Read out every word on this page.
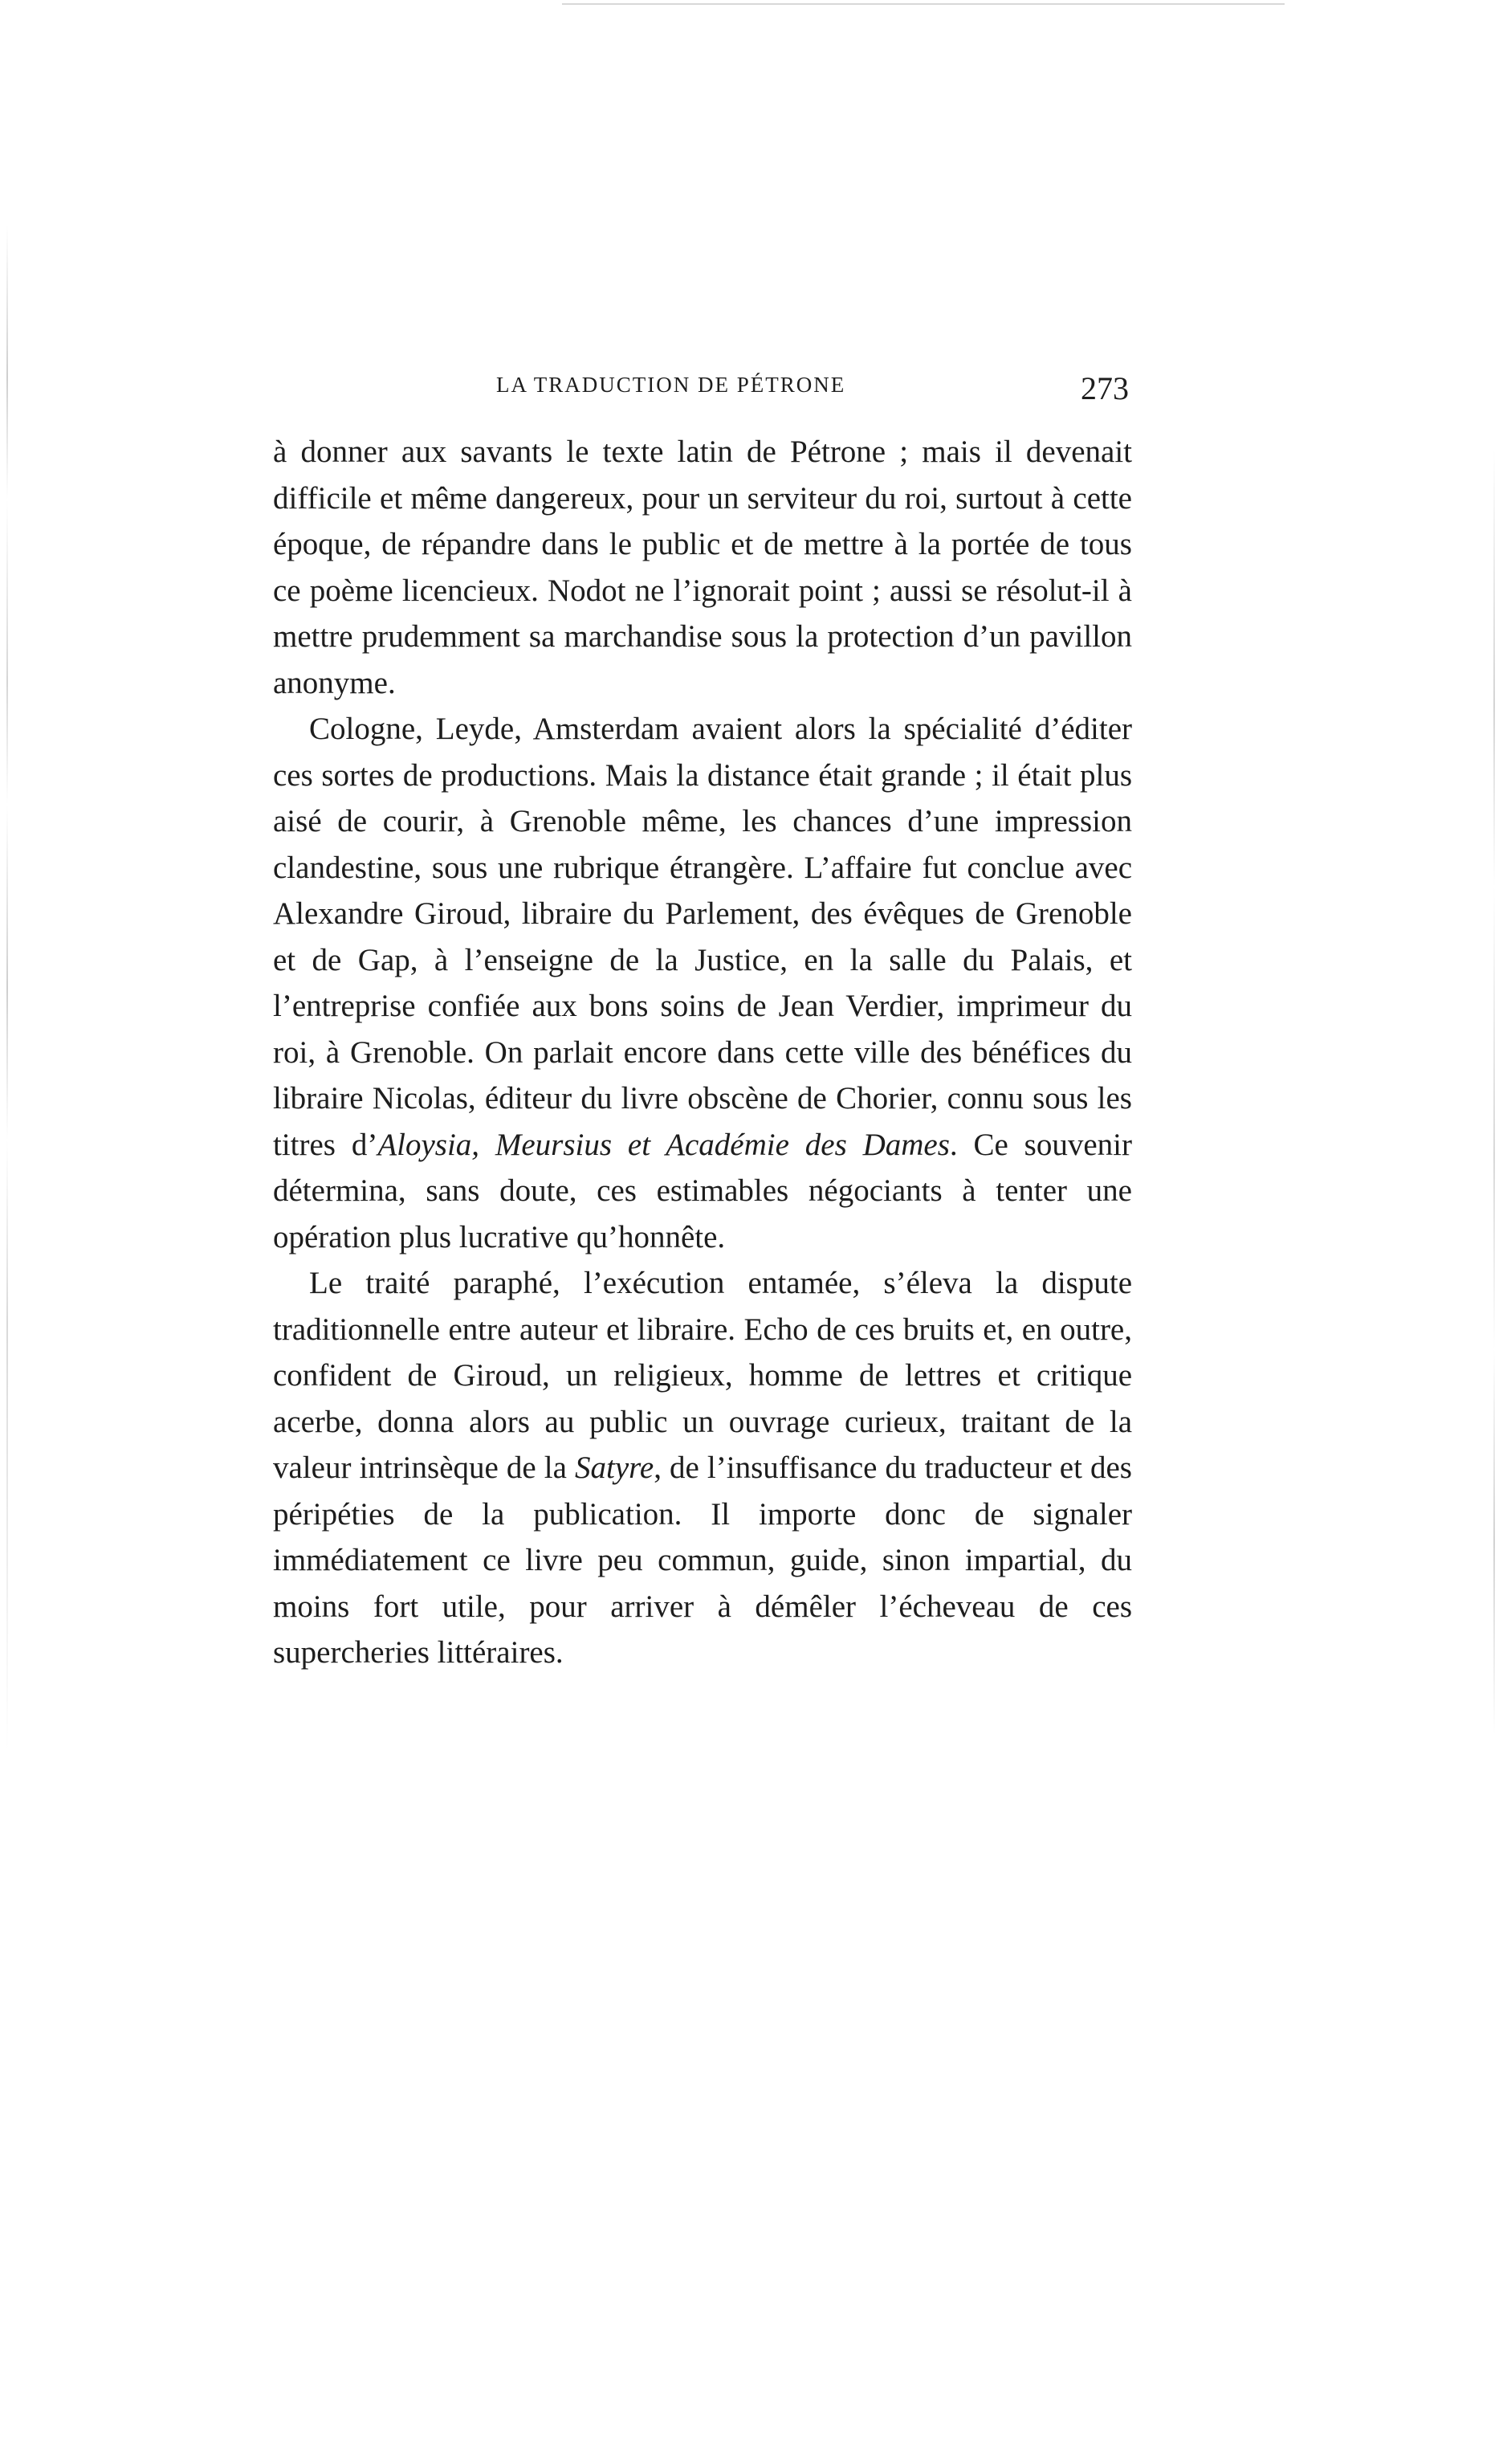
LA TRADUCTION DE PÉTRONE	273

à donner aux savants le texte latin de Pétrone ; mais il devenait difficile et même dangereux, pour un serviteur du roi, surtout à cette époque, de répandre dans le public et de mettre à la portée de tous ce poème licencieux. Nodot ne l’ignorait point ; aussi se résolut-il à mettre prudemment sa marchandise sous la protection d’un pavillon anonyme.

Cologne, Leyde, Amsterdam avaient alors la spécialité d’éditer ces sortes de productions. Mais la distance était grande ; il était plus aisé de courir, à Grenoble même, les chances d’une impression clandestine, sous une rubrique étrangère. L’affaire fut conclue avec Alexandre Giroud, libraire du Parlement, des évêques de Grenoble et de Gap, à l’enseigne de la Justice, en la salle du Palais, et l’entreprise confiée aux bons soins de Jean Verdier, imprimeur du roi, à Grenoble. On parlait encore dans cette ville des bénéfices du libraire Nicolas, éditeur du livre obscène de Chorier, connu sous les titres d’Aloysia, Meursius et Académie des Dames. Ce souvenir détermina, sans doute, ces estimables négociants à tenter une opération plus lucrative qu’honnête.

Le traité paraphé, l’exécution entamée, s’éleva la dispute traditionnelle entre auteur et libraire. Echo de ces bruits et, en outre, confident de Giroud, un religieux, homme de lettres et critique acerbe, donna alors au public un ouvrage curieux, traitant de la valeur intrinsèque de la Satyre, de l’insuffisance du traducteur et des péripéties de la publication. Il importe donc de signaler immédiatement ce livre peu commun, guide, sinon impartial, du moins fort utile, pour arriver à démêler l’écheveau de ces supercheries littéraires.
